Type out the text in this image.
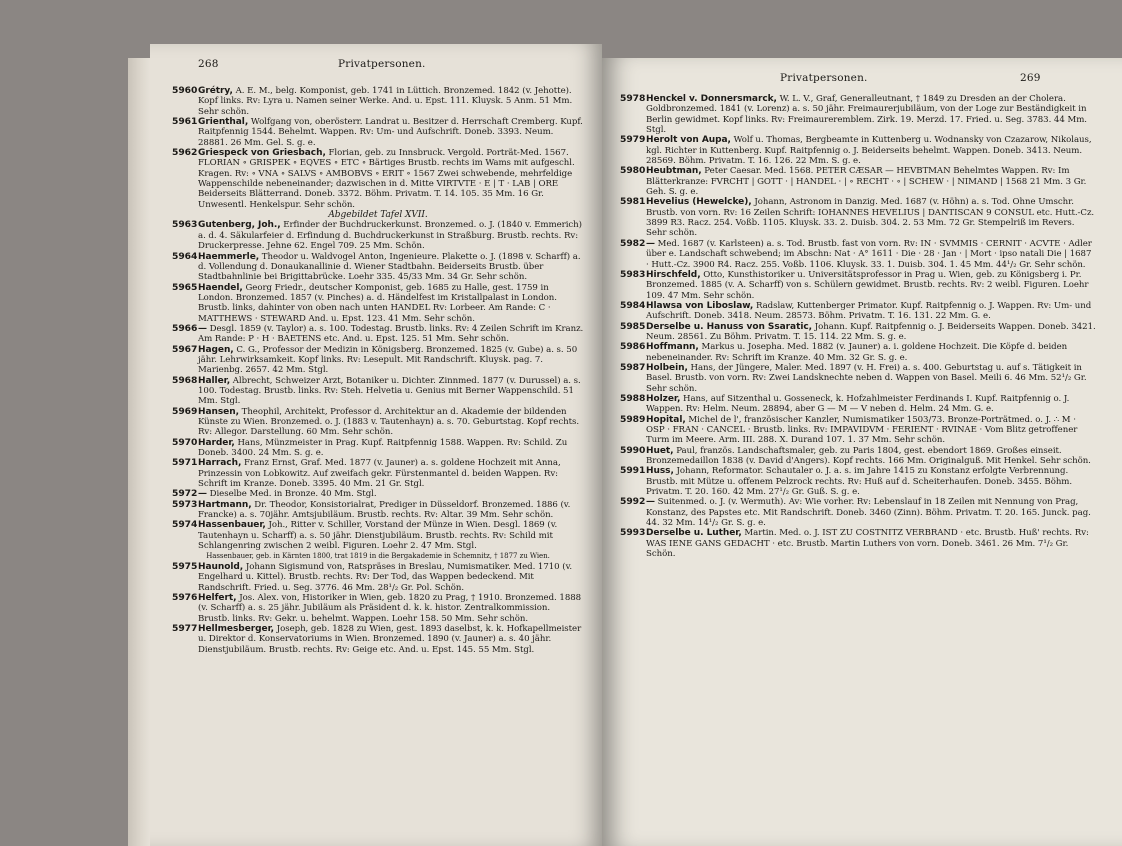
268	Privatpersonen.
5960 Grétry, A. E. M., belg. Komponist, geb. 1741 in Lüttich. Bronzemed. 1842 (v. Jehotte). Kopf links. Rv: Lyra u. Namen seiner Werke. And. u. Epst. 111. Kluysk. 5 Anm. 51 Mm. Sehr schön.
5961 Grienthal, Wolfgang von, oberösterr. Landrat u. Besitzer d. Herrschaft Cremberg. Kupf. Raitpfennig 1544. Behelmt. Wappen. Rv: Um- und Aufschrift. Doneb. 3393. Neum. 28881. 26 Mm. Gel. S. g. e.
5962 Griespeck von Griesbach, Florian, geb. zu Innsbruck. Vergold. Porträt-Med. 1567. FLORIAN ∘ GRISPEK ∘ EQVES ∘ ETC ∘ Bärtiges Brustb. rechts im Wams mit aufgeschl. Kragen. Rv: ∘ VNA ∘ SALVS ∘ AMBOBVS ∘ ERIT ∘ 1567 Zwei schwebende, mehrfeldige Wappenschilde nebeneinander; dazwischen in d. Mitte VIRTVTE · E | T · LAB | ORE Beiderseits Blätterrand. Doneb. 3372. Böhm. Privatm. T. 14. 105. 35 Mm. 16 Gr. Unwesentl. Henkelspur. Sehr schön.
Abgebildet Tafel XVII.
5963 Gutenberg, Joh., Erfinder der Buchdruckerkunst. Bronzemed. o. J. (1840 v. Emmerich) a. d. 4. Säkularfeier d. Erfindung d. Buchdruckerkunst in Straßburg. Brustb. rechts. Rv: Druckerpresse. Jehne 62. Engel 709. 25 Mm. Schön.
5964 Haemmerle, Theodor u. Waldvogel Anton, Ingenieure. Plakette o. J. (1898 v. Scharff) a. d. Vollendung d. Donaukanallinie d. Wiener Stadtbahn. Beiderseits Brustb. über Stadtbahnlinie bei Brigittabrücke. Loehr 335. 45/33 Mm. 34 Gr. Sehr schön.
5965 Haendel, Georg Friedr., deutscher Komponist, geb. 1685 zu Halle, gest. 1759 in London. Bronzemed. 1857 (v. Pinches) a. d. Händelfest im Kristallpalast in London. Brustb. links, dahinter von oben nach unten HANDEL Rv: Lorbeer. Am Rande: C · MATTHEWS · STEWARD And. u. Epst. 123. 41 Mm. Sehr schön.
5966 — Desgl. 1859 (v. Taylor) a. s. 100. Todestag. Brustb. links. Rv: 4 Zeilen Schrift im Kranz. Am Rande: P · H · BAETENS etc. And. u. Epst. 125. 51 Mm. Sehr schön.
5967 Hagen, C. G., Professor der Medizin in Königsberg. Bronzemed. 1825 (v. Gube) a. s. 50 jähr. Lehrwirksamkeit. Kopf links. Rv: Lesepult. Mit Randschrift. Kluysk. pag. 7. Marienbg. 2657. 42 Mm. Stgl.
5968 Haller, Albrecht, Schweizer Arzt, Botaniker u. Dichter. Zinnmed. 1877 (v. Durussel) a. s. 100. Todestag. Brustb. links. Rv: Steh. Helvetia u. Genius mit Berner Wappenschild. 51 Mm. Stgl.
5969 Hansen, Theophil, Architekt, Professor d. Architektur an d. Akademie der bildenden Künste zu Wien. Bronzemed. o. J. (1883 v. Tautenhayn) a. s. 70. Geburtstag. Kopf rechts. Rv: Allegor. Darstellung. 60 Mm. Sehr schön.
5970 Harder, Hans, Münzmeister in Prag. Kupf. Raitpfennig 1588. Wappen. Rv: Schild. Zu Doneb. 3400. 24 Mm. S. g. e.
5971 Harrach, Franz Ernst, Graf. Med. 1877 (v. Jauner) a. s. goldene Hochzeit mit Anna, Prinzessin von Lobkowitz. Auf zweifach gekr. Fürstenmantel d. beiden Wappen. Rv: Schrift im Kranze. Doneb. 3395. 40 Mm. 21 Gr. Stgl.
5972 — Dieselbe Med. in Bronze. 40 Mm. Stgl.
5973 Hartmann, Dr. Theodor, Konsistorialrat, Prediger in Düsseldorf. Bronzemed. 1886 (v. Francke) a. s. 70jähr. Amtsjubiläum. Brustb. rechts. Rv: Altar. 39 Mm. Sehr schön.
5974 Hassenbauer, Joh., Ritter v. Schiller, Vorstand der Münze in Wien. Desgl. 1869 (v. Tautenhayn u. Scharff) a. s. 50 jähr. Dienstjubiläum. Brustb. rechts. Rv: Schild mit Schlangenring zwischen 2 weibl. Figuren. Loehr 2. 47 Mm. Stgl.
Hassenbauer, geb. in Kärnten 1800, trat 1819 in die Bergakademie in Schemnitz, † 1877 zu Wien.
5975 Haunold, Johann Sigismund von, Ratspräses in Breslau, Numismatiker. Med. 1710 (v. Engelhard u. Kittel). Brustb. rechts. Rv: Der Tod, das Wappen bedeckend. Mit Randschrift. Fried. u. Seg. 3776. 46 Mm. 28¹/₂ Gr. Pol. Schön.
5976 Helfert, Jos. Alex. von, Historiker in Wien, geb. 1820 zu Prag, † 1910. Bronzemed. 1888 (v. Scharff) a. s. 25 jähr. Jubiläum als Präsident d. k. k. histor. Zentralkommission. Brustb. links. Rv: Gekr. u. behelmt. Wappen. Loehr 158. 50 Mm. Sehr schön.
5977 Hellmesberger, Joseph, geb. 1828 zu Wien, gest. 1893 daselbst, k. k. Hofkapellmeister u. Direktor d. Konservatoriums in Wien. Bronzemed. 1890 (v. Jauner) a. s. 40 jähr. Dienstjubiläum. Brustb. rechts. Rv: Geige etc. And. u. Epst. 145. 55 Mm. Stgl.
Privatpersonen.	269
5978 Henckel v. Donnersmarck, W. L. V., Graf, Generalleutnant, † 1849 zu Dresden an der Cholera. Goldbronzemed. 1841 (v. Lorenz) a. s. 50 jähr. Freimaurerjubiläum, von der Loge zur Beständigkeit in Berlin gewidmet. Kopf links. Rv: Freimaureremblem. Zirk. 19. Merzd. 17. Fried. u. Seg. 3783. 44 Mm. Stgl.
5979 Herolt von Aupa, Wolf u. Thomas, Bergbeamte in Kuttenberg u. Wodnansky von Czazarow, Nikolaus, kgl. Richter in Kuttenberg. Kupf. Raitpfennig o. J. Beiderseits behelmt. Wappen. Doneb. 3413. Neum. 28569. Böhm. Privatm. T. 16. 126. 22 Mm. S. g. e.
5980 Heubtman, Peter Caesar. Med. 1568. PETER CÆSAR — HEVBTMAN Behelmtes Wappen. Rv: Im Blätterkranze: FVRCHT | GOTT · | HANDEL · | ∘ RECHT · ∘ | SCHEW · | NIMAND | 1568 21 Mm. 3 Gr. Geh. S. g. e.
5981 Hevelius (Hewelcke), Johann, Astronom in Danzig. Med. 1687 (v. Höhn) a. s. Tod. Ohne Umschr. Brustb. von vorn. Rv: 16 Zeilen Schrift: IOHANNES HEVELIUS | DANTISCAN 9 CONSUL etc. Hutt.-Cz. 3899 R3. Racz. 254. Voßb. 1105. Kluysk. 33. 2. Duisb. 304. 2. 53 Mm. 72 Gr. Stempelriß im Revers. Sehr schön.
5982 — Med. 1687 (v. Karlsteen) a. s. Tod. Brustb. fast von vorn. Rv: IN · SVMMIS · CERNIT · ACVTE · Adler über e. Landschaft schwebend; im Abschn: Nat · A° 1611 · Die · 28 · Jan · | Mort · ipso natali Die | 1687 · Hutt.-Cz. 3900 R4. Racz. 255. Voßb. 1106. Kluysk. 33. 1. Duisb. 304. 1. 45 Mm. 44¹/₂ Gr. Sehr schön.
5983 Hirschfeld, Otto, Kunsthistoriker u. Universitätsprofessor in Prag u. Wien, geb. zu Königsberg i. Pr. Bronzemed. 1885 (v. A. Scharff) von s. Schülern gewidmet. Brustb. rechts. Rv: 2 weibl. Figuren. Loehr 109. 47 Mm. Sehr schön.
5984 Hlawsa von Liboslaw, Radslaw, Kuttenberger Primator. Kupf. Raitpfennig o. J. Wappen. Rv: Um- und Aufschrift. Doneb. 3418. Neum. 28573. Böhm. Privatm. T. 16. 131. 22 Mm. G. e.
5985 Derselbe u. Hanuss von Ssaratic, Johann. Kupf. Raitpfennig o. J. Beiderseits Wappen. Doneb. 3421. Neum. 28561. Zu Böhm. Privatm. T. 15. 114. 22 Mm. S. g. e.
5986 Hoffmann, Markus u. Josepha. Med. 1882 (v. Jauner) a. i. goldene Hochzeit. Die Köpfe d. beiden nebeneinander. Rv: Schrift im Kranze. 40 Mm. 32 Gr. S. g. e.
5987 Holbein, Hans, der Jüngere, Maler. Med. 1897 (v. H. Frei) a. s. 400. Geburtstag u. auf s. Tätigkeit in Basel. Brustb. von vorn. Rv: Zwei Landsknechte neben d. Wappen von Basel. Meili 6. 46 Mm. 52¹/₂ Gr. Sehr schön.
5988 Holzer, Hans, auf Sitzenthal u. Gosseneck, k. Hofzahlmeister Ferdinands I. Kupf. Raitpfennig o. J. Wappen. Rv: Helm. Neum. 28894, aber G — M — V neben d. Helm. 24 Mm. G. e.
5989 Hopital, Michel de l', französischer Kanzler, Numismatiker 1503/73. Bronze-Porträtmed. o. J. ∴ M · OSP · FRAN · CANCEL · Brustb. links. Rv: IMPAVIDVM · FERIENT · RVINAE · Vom Blitz getroffener Turm im Meere. Arm. III. 288. X. Durand 107. 1. 37 Mm. Sehr schön.
5990 Huet, Paul, französ. Landschaftsmaler, geb. zu Paris 1804, gest. ebendort 1869. Großes einseit. Bronzemedaillon 1838 (v. David d'Angers). Kopf rechts. 166 Mm. Originalguß. Mit Henkel. Sehr schön.
5991 Huss, Johann, Reformator. Schautaler o. J. a. s. im Jahre 1415 zu Konstanz erfolgte Verbrennung. Brustb. mit Mütze u. offenem Pelzrock rechts. Rv: Huß auf d. Scheiterhaufen. Doneb. 3455. Böhm. Privatm. T. 20. 160. 42 Mm. 27¹/₂ Gr. Guß. S. g. e.
5992 — Suitenmed. o. J. (v. Wermuth). Av: Wie vorher. Rv: Lebenslauf in 18 Zeilen mit Nennung von Prag, Konstanz, des Papstes etc. Mit Randschrift. Doneb. 3460 (Zinn). Böhm. Privatm. T. 20. 165. Junck. pag. 44. 32 Mm. 14¹/₂ Gr. S. g. e.
5993 Derselbe u. Luther, Martin. Med. o. J. IST ZU COSTNITZ VERBRAND · etc. Brustb. Huß' rechts. Rv: WAS IENE GANS GEDACHT · etc. Brustb. Martin Luthers von vorn. Doneb. 3461. 26 Mm. 7¹/₂ Gr. Schön.
